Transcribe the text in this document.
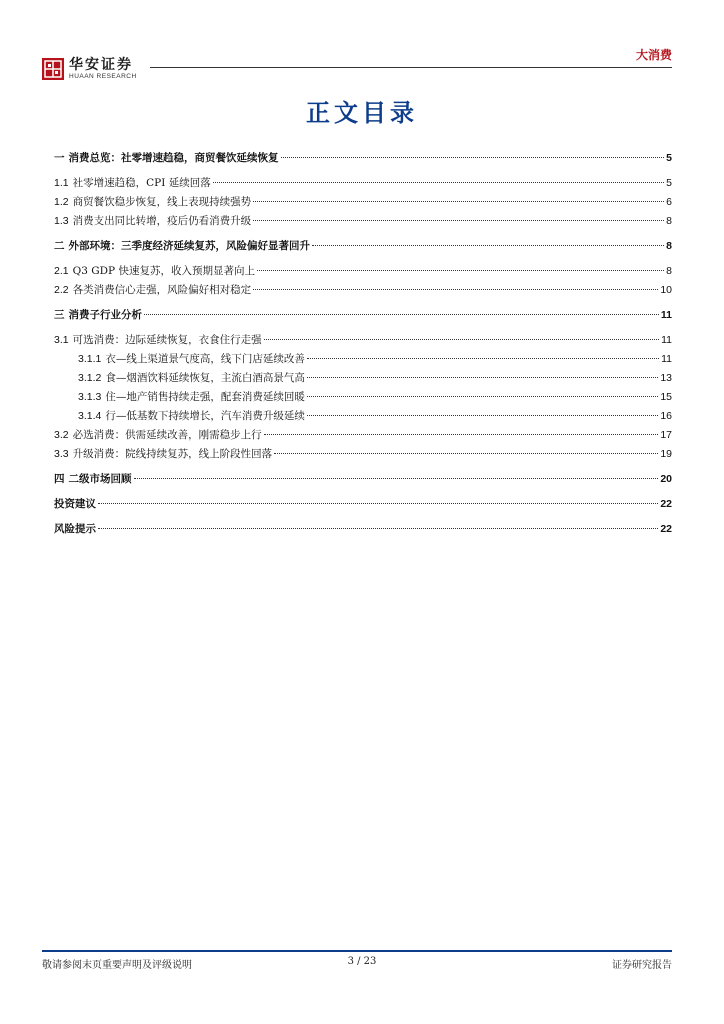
华安证券
HUAAN RESEARCH
大消费
正文目录
一 消费总览：社零增速趋稳，商贸餐饮延续恢复	5
1.1 社零增速趋稳，CPI 延续回落	5
1.2 商贸餐饮稳步恢复，线上表现持续强势	6
1.3 消费支出同比转增，疫后仍看消费升级	8
二 外部环境：三季度经济延续复苏，风险偏好显著回升	8
2.1 Q3 GDP 快速复苏，收入预期显著向上	8
2.2 各类消费信心走强，风险偏好相对稳定	10
三 消费子行业分析	11
3.1 可选消费：边际延续恢复，衣食住行走强	11
3.1.1 衣—线上渠道景气度高，线下门店延续改善	11
3.1.2 食—烟酒饮料延续恢复，主流白酒高景气高	13
3.1.3 住—地产销售持续走强，配套消费延续回暖	15
3.1.4 行—低基数下持续增长，汽车消费升级延续	16
3.2 必选消费：供需延续改善，刚需稳步上行	17
3.3 升级消费：院线持续复苏，线上阶段性回落	19
四 二级市场回顾	20
投资建议	22
风险提示	22
敬请参阅末页重要声明及评级说明	3 / 23	证券研究报告
